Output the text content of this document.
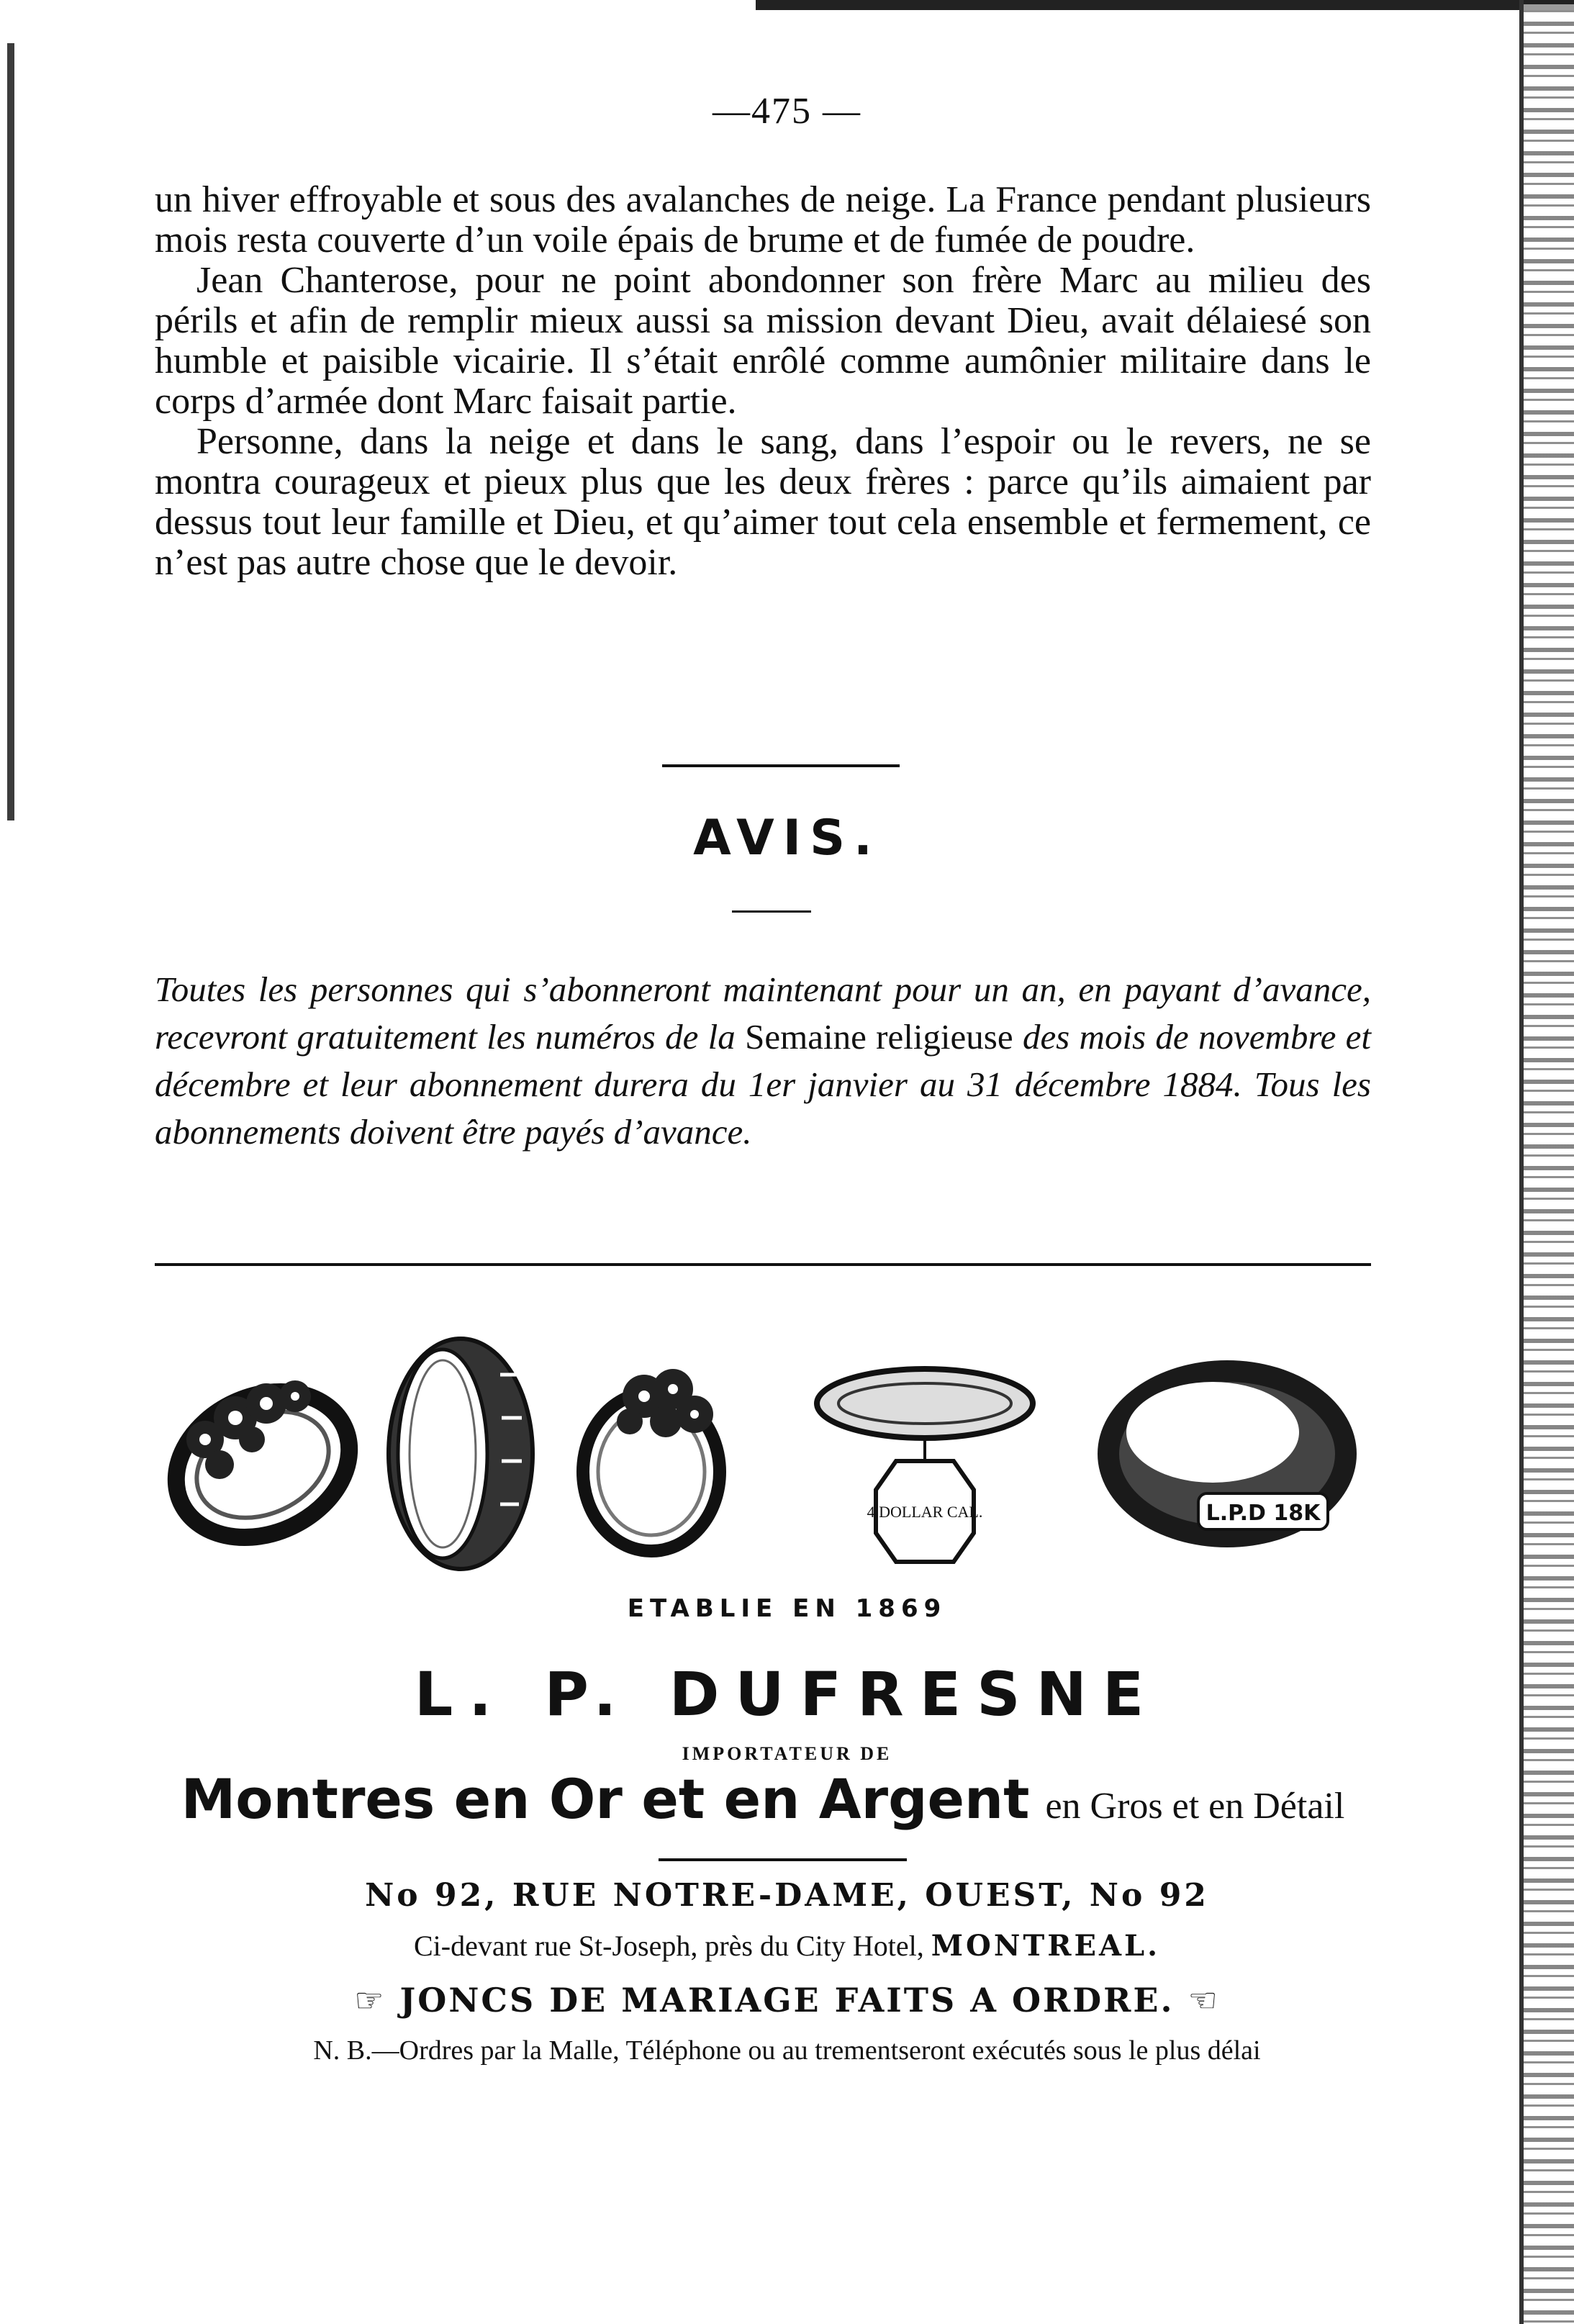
—475 —

un hiver effroyable et sous des avalanches de neige. La France pendant plusieurs mois resta couverte d’un voile épais de brume et de fumée de poudre.

Jean Chanterose, pour ne point abondonner son frère Marc au milieu des périls et afin de remplir mieux aussi sa mission devant Dieu, avait délaiesé son humble et paisible vicairie. Il s’était enrôlé comme aumônier militaire dans le corps d’armée dont Marc faisait partie.

Personne, dans la neige et dans le sang, dans l’espoir ou le revers, ne se montra courageux et pieux plus que les deux frères : parce qu’ils aimaient par dessus tout leur famille et Dieu, et qu’aimer tout cela ensemble et fermement, ce n’est pas autre chose que le devoir.

AVIS.
Toutes les personnes qui s’abonneront maintenant pour un an, en payant d’avance, recevront gratuitement les numéros de la Semaine religieuse des mois de novembre et décembre et leur abonnement durera du 1er janvier au 31 décembre 1884. Tous les abonnements doivent être payés d’avance.
4 DOLLAR CAL.	L.P.D 18K
ETABLIE EN 1869
L. P. DUFRESNE
IMPORTATEUR DE
Montres en Or et en Argent en Gros et en Détail
No 92, RUE NOTRE-DAME, OUEST, No 92
Ci-devant rue St-Joseph, près du City Hotel, MONTREAL.
☞ JONCS DE MARIAGE FAITS A ORDRE. ☜
N. B.—Ordres par la Malle, Téléphone ou au trementseront exécutés sous le plus délai
